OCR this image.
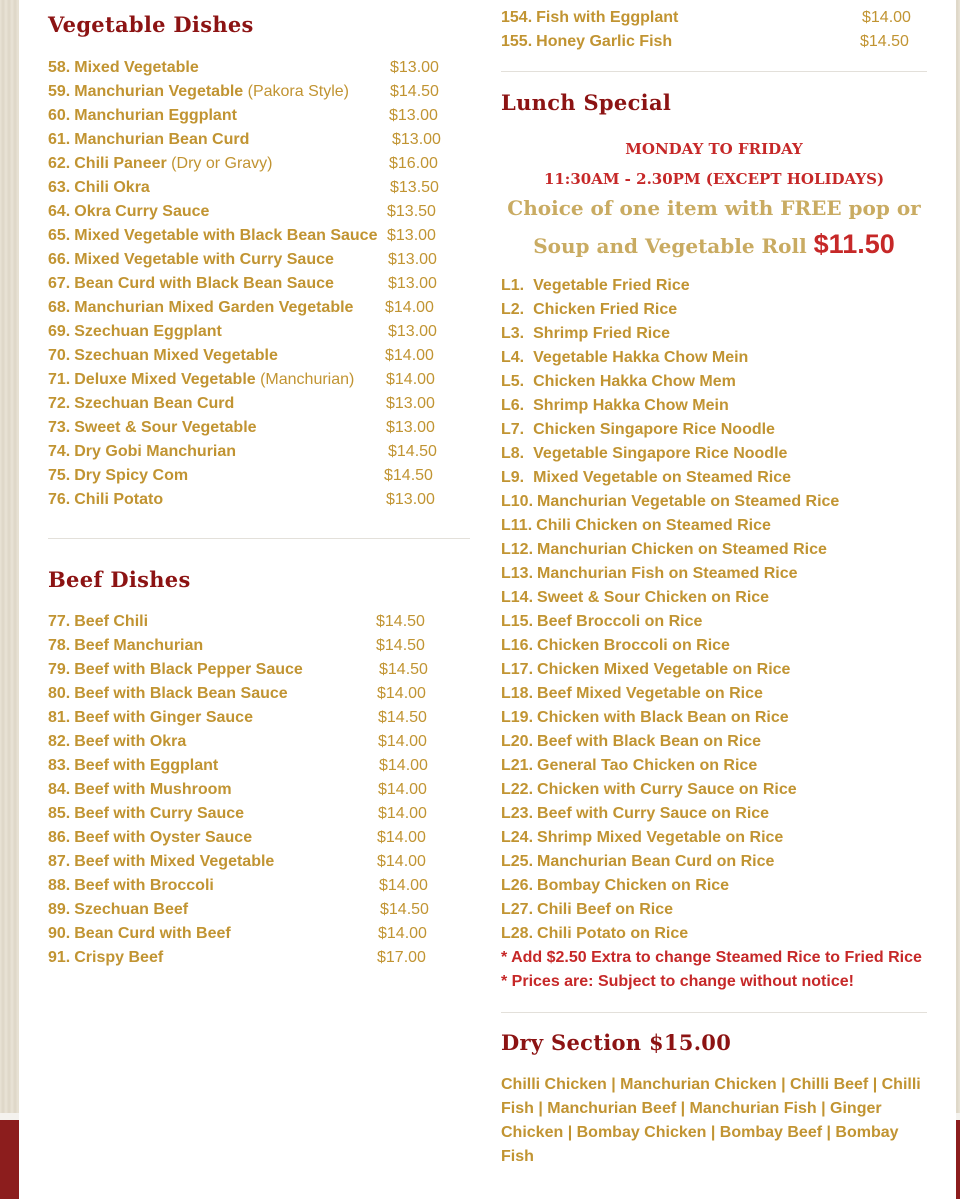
Vegetable Dishes
58. Mixed Vegetable	$13.00
59. Manchurian Vegetable (Pakora Style)	$14.50
60. Manchurian Eggplant	$13.00
61. Manchurian Bean Curd	$13.00
62. Chili Paneer (Dry or Gravy)	$16.00
63. Chili Okra	$13.50
64. Okra Curry Sauce	$13.50
65. Mixed Vegetable with Black Bean Sauce $13.00
66. Mixed Vegetable with Curry Sauce	$13.00
67. Bean Curd with Black Bean Sauce	$13.00
68. Manchurian Mixed Garden Vegetable $14.00
69. Szechuan Eggplant	$13.00
70. Szechuan Mixed Vegetable	$14.00
71. Deluxe Mixed Vegetable (Manchurian) $14.00
72. Szechuan Bean Curd	$13.00
73. Sweet & Sour Vegetable	$13.00
74. Dry Gobi Manchurian	$14.50
75. Dry Spicy Com	$14.50
76. Chili Potato	$13.00
Beef Dishes
77. Beef Chili	$14.50
78. Beef Manchurian	$14.50
79. Beef with Black Pepper Sauce	$14.50
80. Beef with Black Bean Sauce	$14.00
81. Beef with Ginger Sauce	$14.50
82. Beef with Okra	$14.00
83. Beef with Eggplant	$14.00
84. Beef with Mushroom	$14.00
85. Beef with Curry Sauce	$14.00
86. Beef with Oyster Sauce	$14.00
87. Beef with Mixed Vegetable	$14.00
88. Beef with Broccoli	$14.00
89. Szechuan Beef	$14.50
90. Bean Curd with Beef	$14.00
91. Crispy Beef	$17.00
154. Fish with Eggplant	$14.00
155. Honey Garlic Fish	$14.50
Lunch Special
MONDAY TO FRIDAY
11:30AM - 2.30PM (EXCEPT HOLIDAYS)
Choice of one item with FREE pop or
Soup and Vegetable Roll $11.50
L1. Vegetable Fried Rice
L2. Chicken Fried Rice
L3. Shrimp Fried Rice
L4. Vegetable Hakka Chow Mein
L5. Chicken Hakka Chow Mem
L6. Shrimp Hakka Chow Mein
L7. Chicken Singapore Rice Noodle
L8. Vegetable Singapore Rice Noodle
L9. Mixed Vegetable on Steamed Rice
L10. Manchurian Vegetable on Steamed Rice
L11. Chili Chicken on Steamed Rice
L12. Manchurian Chicken on Steamed Rice
L13. Manchurian Fish on Steamed Rice
L14. Sweet & Sour Chicken on Rice
L15. Beef Broccoli on Rice
L16. Chicken Broccoli on Rice
L17. Chicken Mixed Vegetable on Rice
L18. Beef Mixed Vegetable on Rice
L19. Chicken with Black Bean on Rice
L20. Beef with Black Bean on Rice
L21. General Tao Chicken on Rice
L22. Chicken with Curry Sauce on Rice
L23. Beef with Curry Sauce on Rice
L24. Shrimp Mixed Vegetable on Rice
L25. Manchurian Bean Curd on Rice
L26. Bombay Chicken on Rice
L27. Chili Beef on Rice
L28. Chili Potato on Rice
* Add $2.50 Extra to change Steamed Rice to Fried Rice
* Prices are: Subject to change without notice!
Dry Section $15.00
Chilli Chicken | Manchurian Chicken | Chilli Beef | Chilli Fish | Manchurian Beef | Manchurian Fish | Ginger Chicken | Bombay Chicken | Bombay Beef | Bombay Fish
